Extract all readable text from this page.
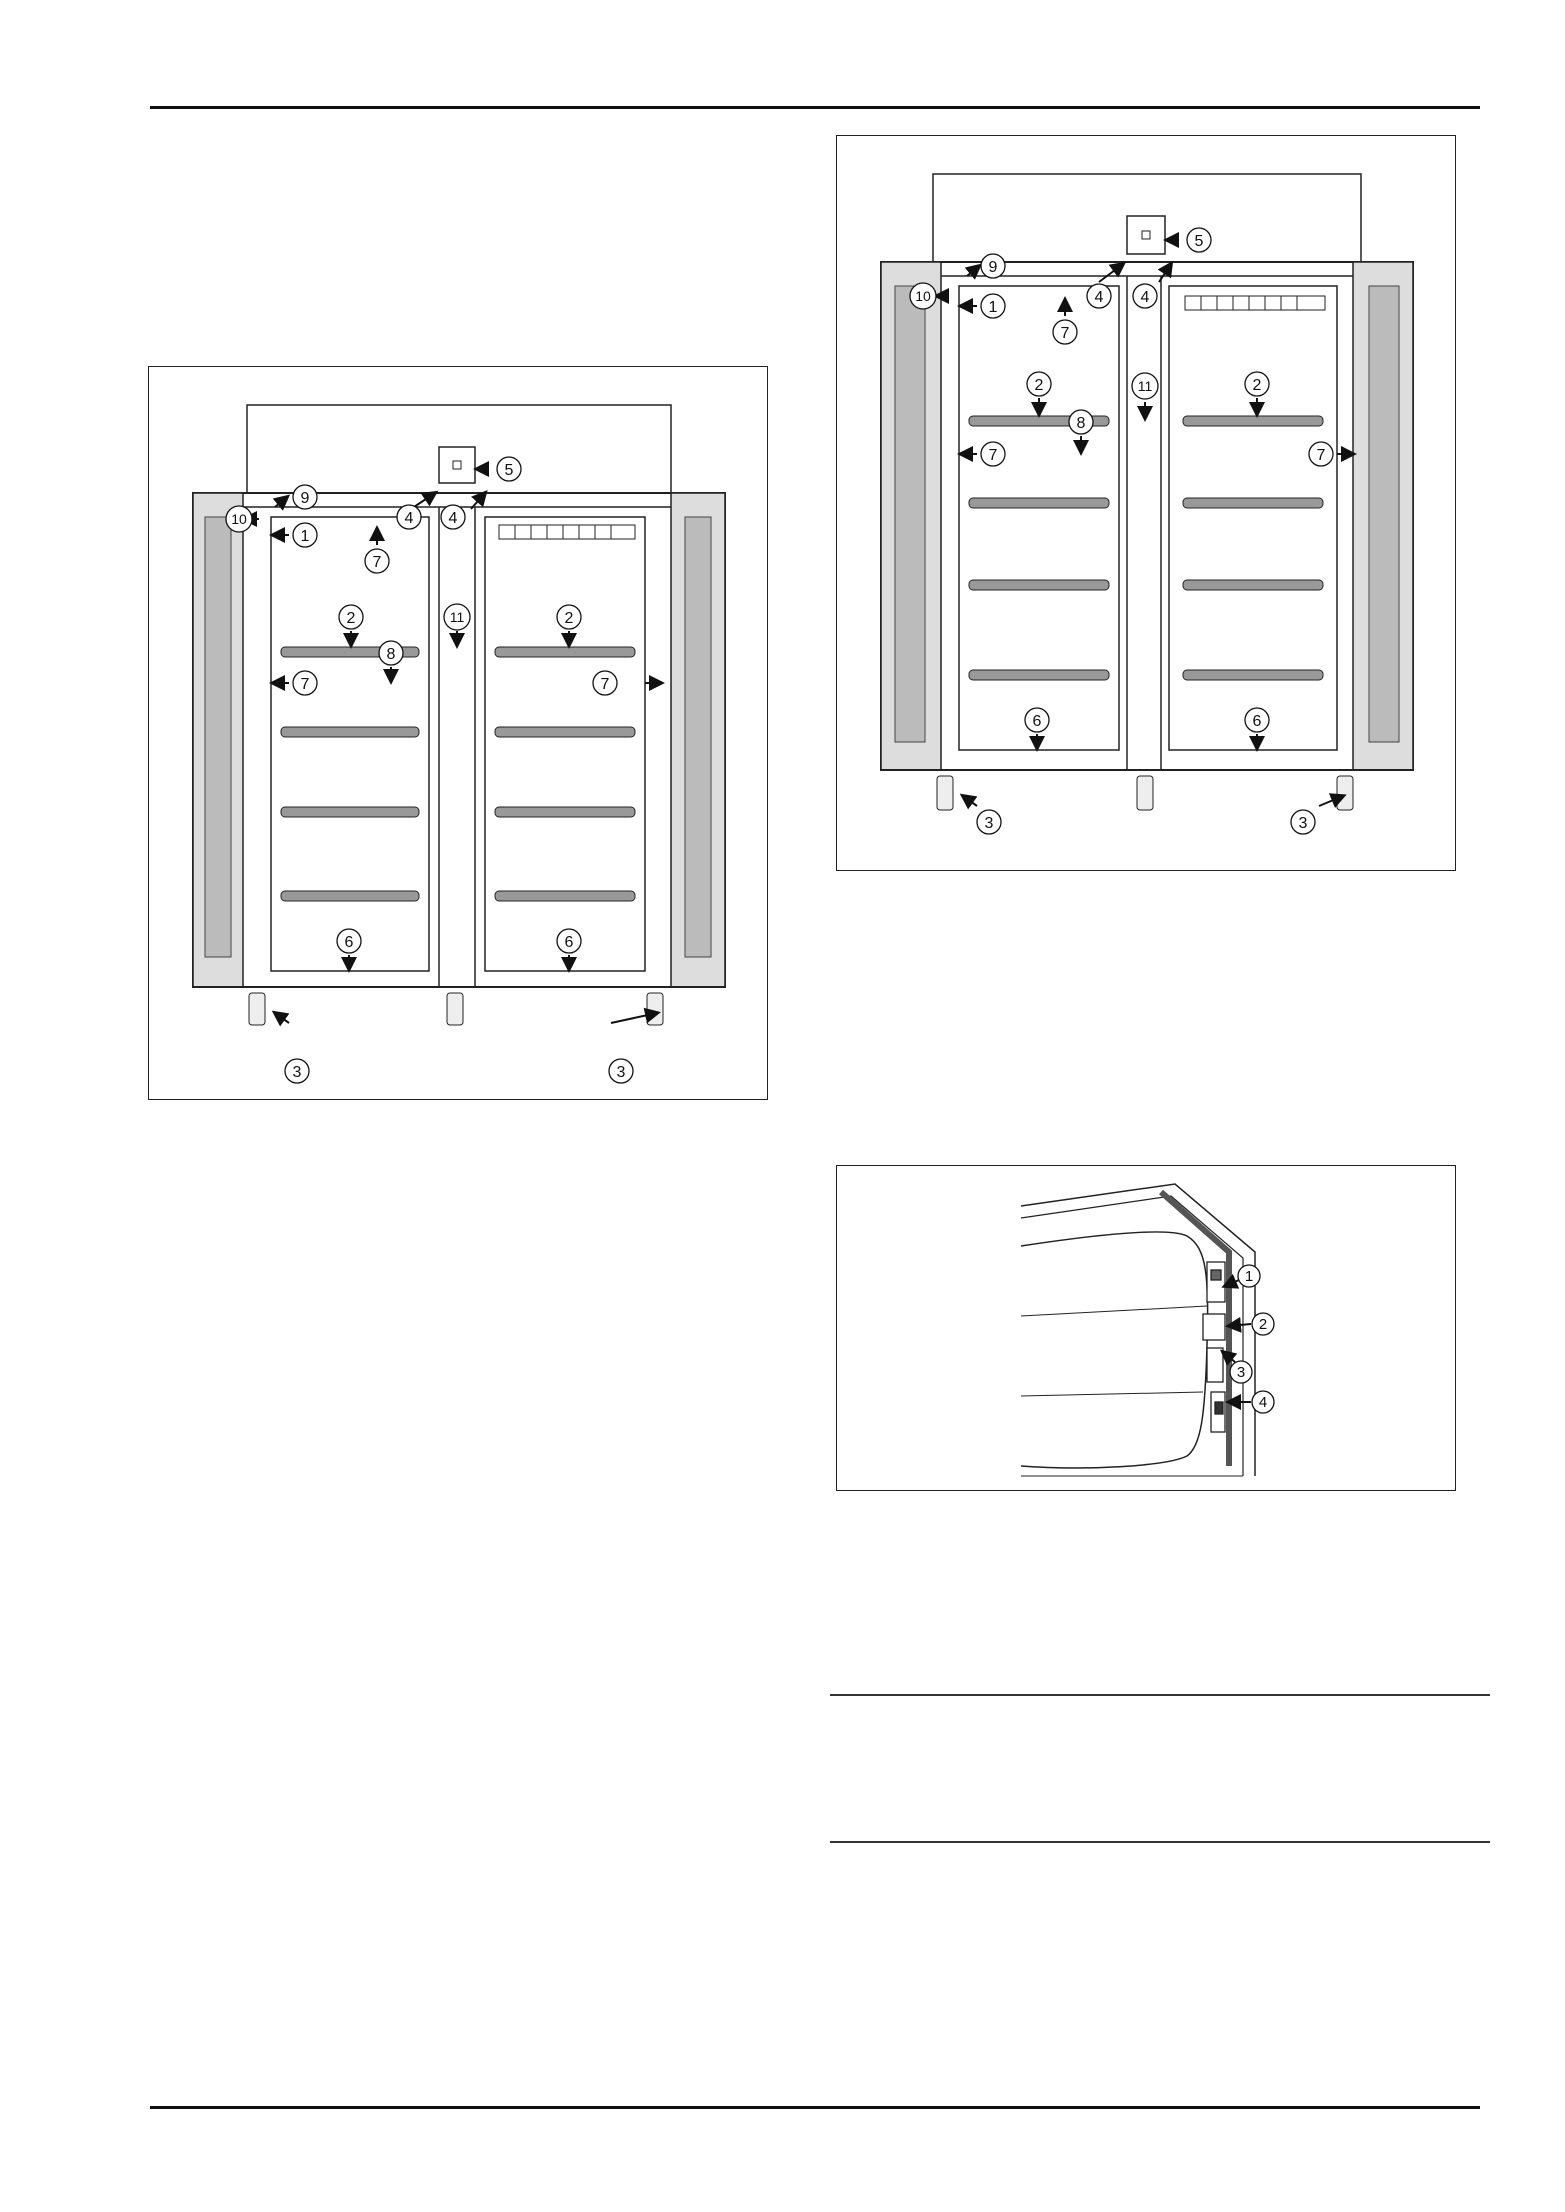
1
2	2
3	3
4 4
5
6	6
7
7
7
8
9
10
11
1
2	2
3	3
4 4
5
6	6
7
7
7
8
9
10
11
1
2
3
4
